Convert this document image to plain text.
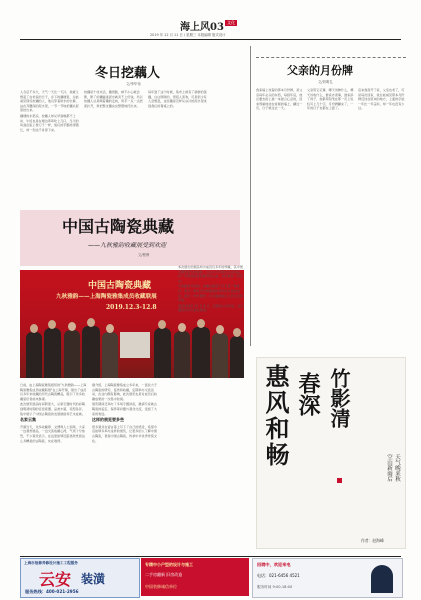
海上风03 文化
2019 年 12 月 11 日 / 星期三 本版编辑 版式设计
冬日挖藕人
文/李华伟

入冬后不多久，天气一天比一天冷，我就又想起了在老家的日子，乡下的藕塘里，总能看见那些挖藕的人，他们穿着防水的衣裤，站在齐腰深的泥水里，一节一节地把藕从泥里挖出来。

藕塘的水很凉，挖藕人却从早到晚都不上岸，午饭也是在塘边草草吃上几口，冬天的风刮在脸上像刀子一样，他们的手脚冻得通红，却一刻也不肯停下来。

挖藕是个技术活，藕很脆，稍不小心就会断，断了的藕灌进泥水就卖不上价钱，所以挖藕人总是顺着藕的走向，用手一点一点把泥扒开，再把整支藕完完整整地托出来。

每年到了这个时候，集市上就有了新鲜的莲藕，白白胖胖的，很招人喜欢，可是很少有人会想起，这些藕是怎样从冰冷的泥水里来到我们的餐桌上的。

父亲的月份牌
文/刘明礼

我家墙上挂着的那本月份牌，是父亲每年必买的东西，每到年底，他总要去街上挑一本最合心意的，回来郑重地挂在堂屋的墙上，翻过一页，日子就过去一天。

父亲用它记事，哪天该种什么，哪天该收什么，谁家办喜事，谁家添了孩子，他都用铅笔在那一页上轻轻写上几个字，月份牌翻完了，一年的日子也都在上面了。

后来我离开了家，父亲也老了，可是每次回家，我总能看见那本月份牌还挂在原来的地方，上面的字迹一年比一年歪斜，却一年也没有少过。

中国古陶瓷典藏
——九秋雅韵收藏展受到欢迎
文/程博
中国古陶瓷典藏
九秋雅韵——上海陶瓷雅集成员收藏联展
2019.12.3-12.8

日前，由上海陶瓷雅集组织的"九秋雅韵——上海陶瓷雅集成员收藏联展"在上海开幕，展出了成员们多年来收藏的历代古陶瓷精品，吸引了众多收藏爱好者前来参观。

此次展览展品时间跨度大，从新石器时代的彩陶到明清时期的官窑瓷器，品类丰富，造型各异，集中展示了中国古陶瓷的发展脉络和艺术成就。

名家云集

开幕当天，众多收藏界、文博界人士到场，大家一边观赏展品，一边交流收藏心得，气氛十分热烈，不少观众表示，在这里能够近距离欣赏到这么多精美的古陶瓷，实在难得。

据介绍，上海陶瓷雅集成立多年来，一直致力于古陶瓷的研究、鉴赏和收藏，定期举办交流活动，在业内颇有影响，此次展览也是对成员们收藏成果的一次集中检阅。

展览期间还举办了多场专题讲座，邀请专家就古陶瓷的鉴定、保养等问题与观众交流，受到了大家的欢迎。

这样的展览要多些

很多观众在留言簿上写下了自己的感受，希望今后能够多举办这样的展览，让更多的人了解中国古陶瓷，喜爱中国古陶瓷，传承中华优秀传统文化。

本次展出的展品均为成员们多年的珍藏，其中既有器型硕大的瓷瓶，也有小巧玲珑的文房用品，每一件都凝结着收藏者的心血，也承载着一段历史。

有收藏者介绍说，收藏古陶瓷不仅仅是一种爱好，更是一种对历史的尊重和对传统文化的热爱，通过一件件器物，可以触摸到古人的生活和审美。

展览持续至 12 月 8 日，免费向公众开放，有兴趣的市民可前往参观。

惠风和畅 春深 竹影清
空山新雨后 天气晚来秋
作者：赵海峰
上海市装修养修设计施工工程服务
云安 装潢
服务热线：400-021-2956
专精中小户型的设计与施工
二手房翻新 旧房改造
中国装修诚信单位
招聘中，欢迎来电
电话：021-6456 4521
服务时间 9:00-18:00
